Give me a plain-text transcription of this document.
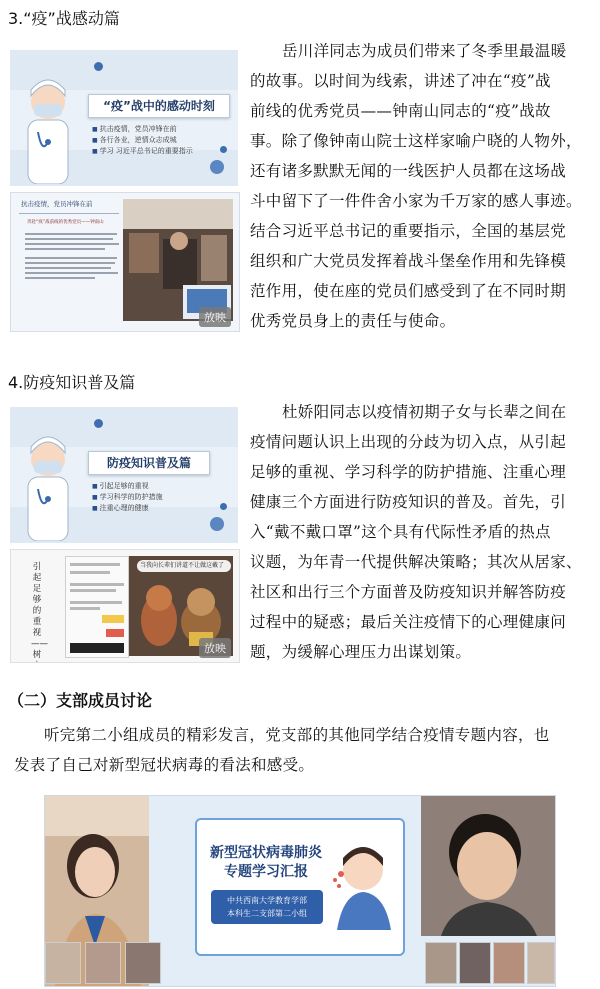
3.“疫”战感动篇
“疫”战中的感动时刻
■ 抗击疫情，党员冲锋在前
■ 各行各业，逆情众志成城
■ 学习 习近平总书记的重要指示
抗击疫情，党员冲锋在前
奔赴“疫”战前线的优秀党员——钟南山
放映
岳川洋同志为成员们带来了冬季里最温暖
的故事。以时间为线索，讲述了冲在“疫”战
前线的优秀党员——钟南山同志的“疫”战故
事。除了像钟南山院士这样家喻户晓的人物外，
还有诸多默默无闻的一线医护人员都在这场战
斗中留下了一件件舍小家为千万家的感人事迹。
结合习近平总书记的重要指示，全国的基层党
组织和广大党员发挥着战斗堡垒作用和先锋模
范作用，使在座的党员们感受到了在不同时期
优秀党员身上的责任与使命。
4.防疫知识普及篇
防疫知识普及篇
■ 引起足够的重视
■ 学习科学的防护措施
■ 注重心理的健康
引起足够的重视——树
当我向长辈们讲道不让做这戴了
放映
杜娇阳同志以疫情初期子女与长辈之间在
疫情问题认识上出现的分歧为切入点，从引起
足够的重视、学习科学的防护措施、注重心理
健康三个方面进行防疫知识的普及。首先，引
入“戴不戴口罩”这个具有代际性矛盾的热点
议题，为年青一代提供解决策略；其次从居家、
社区和出行三个方面普及防疫知识并解答防疫
过程中的疑惑；最后关注疫情下的心理健康问
题，为缓解心理压力出谋划策。
（二）支部成员讨论
听完第二小组成员的精彩发言，党支部的其他同学结合疫情专题内容，也
发表了自己对新型冠状病毒的看法和感受。
新型冠状病毒肺炎
专题学习汇报
中共西南大学教育学部
本科生二支部第二小组
